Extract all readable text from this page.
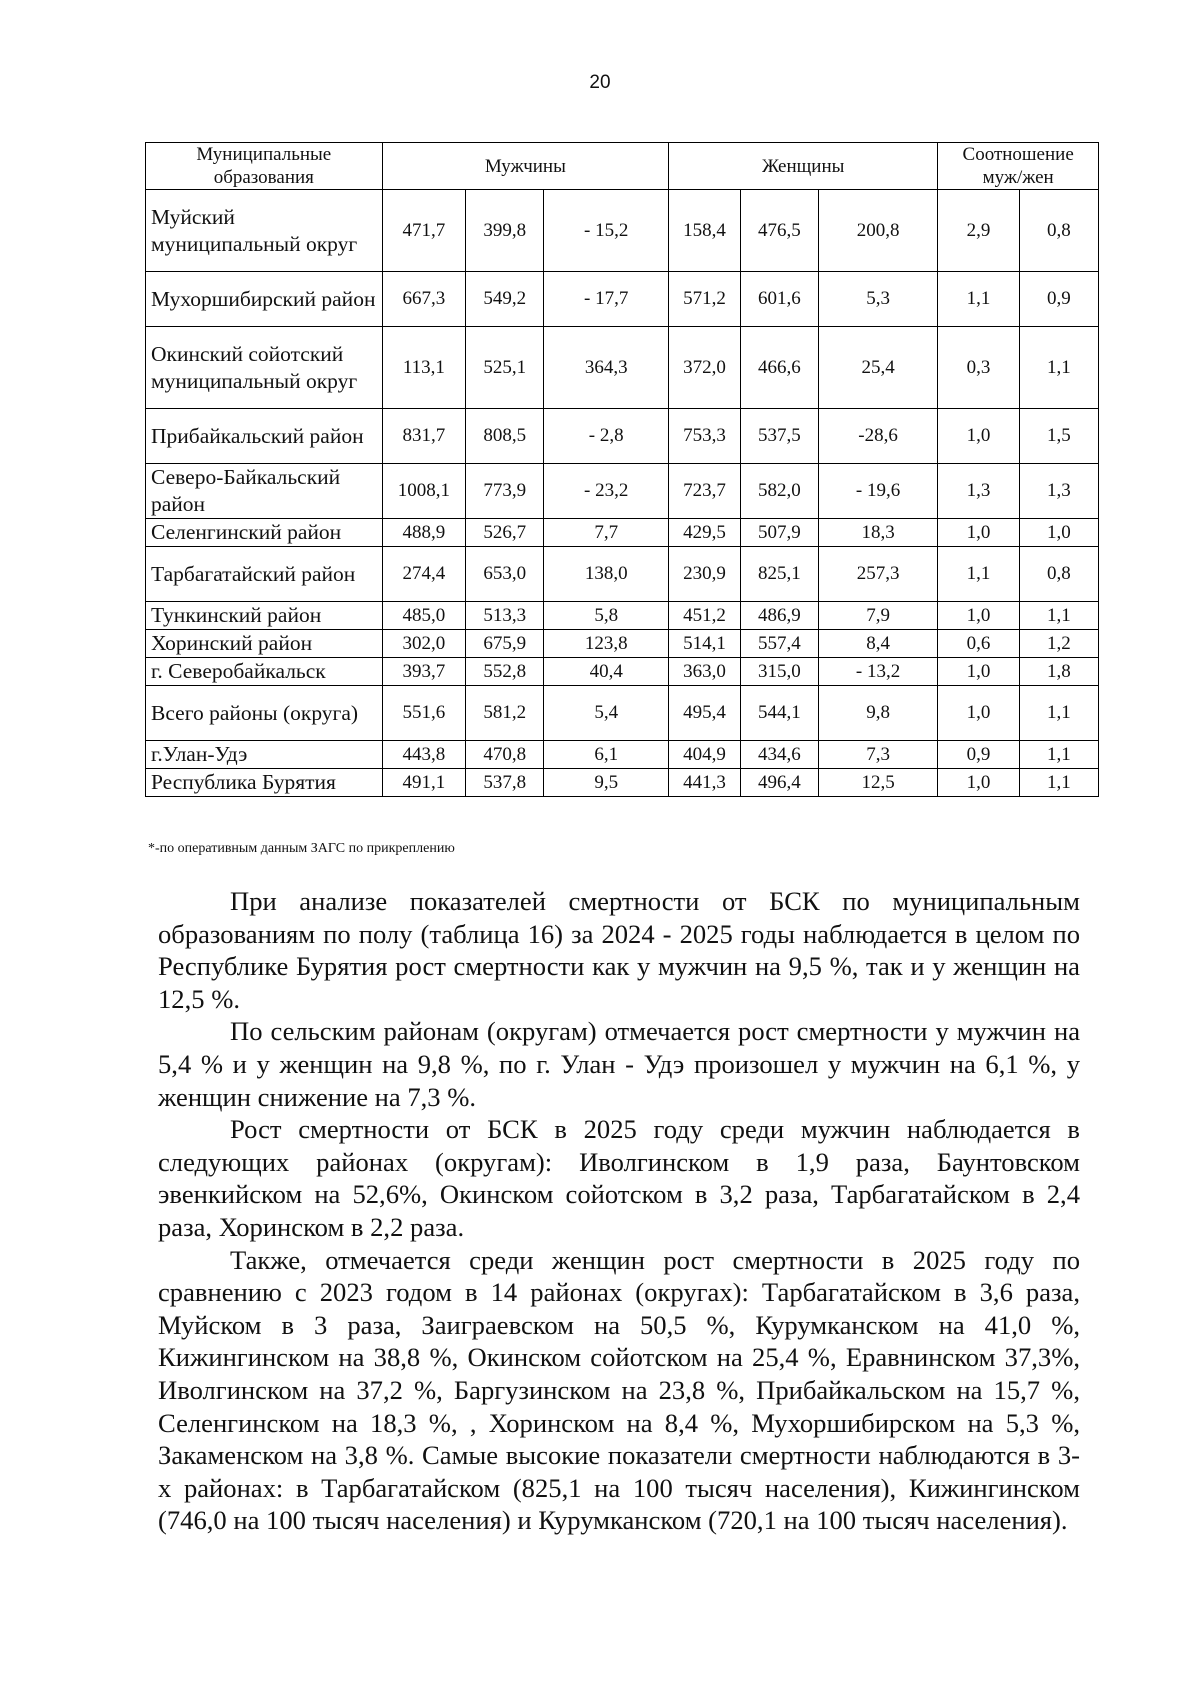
20
Муниципальные образования	Мужчины			Женщины			Соотношение муж/жен	
Муйский муниципальный округ	471,7	399,8	- 15,2	158,4	476,5	200,8	2,9	0,8
Мухоршибирский район	667,3	549,2	- 17,7	571,2	601,6	5,3	1,1	0,9
Окинский сойотский муниципальный округ	113,1	525,1	364,3	372,0	466,6	25,4	0,3	1,1
Прибайкальский район	831,7	808,5	- 2,8	753,3	537,5	-28,6	1,0	1,5
Северо-Байкальский район	1008,1	773,9	- 23,2	723,7	582,0	- 19,6	1,3	1,3
Селенгинский район	488,9	526,7	7,7	429,5	507,9	18,3	1,0	1,0
Тарбагатайский район	274,4	653,0	138,0	230,9	825,1	257,3	1,1	0,8
Тункинский район	485,0	513,3	5,8	451,2	486,9	7,9	1,0	1,1
Хоринский район	302,0	675,9	123,8	514,1	557,4	8,4	0,6	1,2
г. Северобайкальск	393,7	552,8	40,4	363,0	315,0	- 13,2	1,0	1,8
Всего районы (округа)	551,6	581,2	5,4	495,4	544,1	9,8	1,0	1,1
г.Улан-Удэ	443,8	470,8	6,1	404,9	434,6	7,3	0,9	1,1
Республика Бурятия	491,1	537,8	9,5	441,3	496,4	12,5	1,0	1,1
*-по оперативным данным ЗАГС по прикреплению

При анализе показателей смертности от БСК по муниципальным образованиям по полу (таблица 16) за 2024 - 2025 годы наблюдается в целом по Республике Бурятия рост смертности как у мужчин на 9,5 %, так и у женщин на 12,5 %.

По сельским районам (округам) отмечается рост смертности у мужчин на 5,4 % и у женщин на 9,8 %, по г. Улан - Удэ произошел у мужчин на 6,1 %, у женщин снижение на 7,3 %.

Рост смертности от БСК в 2025 году среди мужчин наблюдается в следующих районах (округам): Иволгинском в 1,9 раза, Баунтовском эвенкийском на 52,6%, Окинском сойотском в 3,2 раза, Тарбагатайском в 2,4 раза, Хоринском в 2,2 раза.

Также, отмечается среди женщин рост смертности в 2025 году по сравнению с 2023 годом в 14 районах (округах): Тарбагатайском в 3,6 раза, Муйском в 3 раза, Заиграевском на 50,5 %, Курумканском на 41,0 %, Кижингинском на 38,8 %, Окинском сойотском на 25,4 %, Еравнинском 37,3%, Иволгинском на 37,2 %, Баргузинском на 23,8 %, Прибайкальском на 15,7 %, Селенгинском на 18,3 %, , Хоринском на 8,4 %, Мухоршибирском на 5,3 %, Закаменском на 3,8 %. Самые высокие показатели смертности наблюдаются в 3-х районах: в Тарбагатайском (825,1 на 100 тысяч населения), Кижингинском (746,0 на 100 тысяч населения) и Курумканском (720,1 на 100 тысяч населения).
